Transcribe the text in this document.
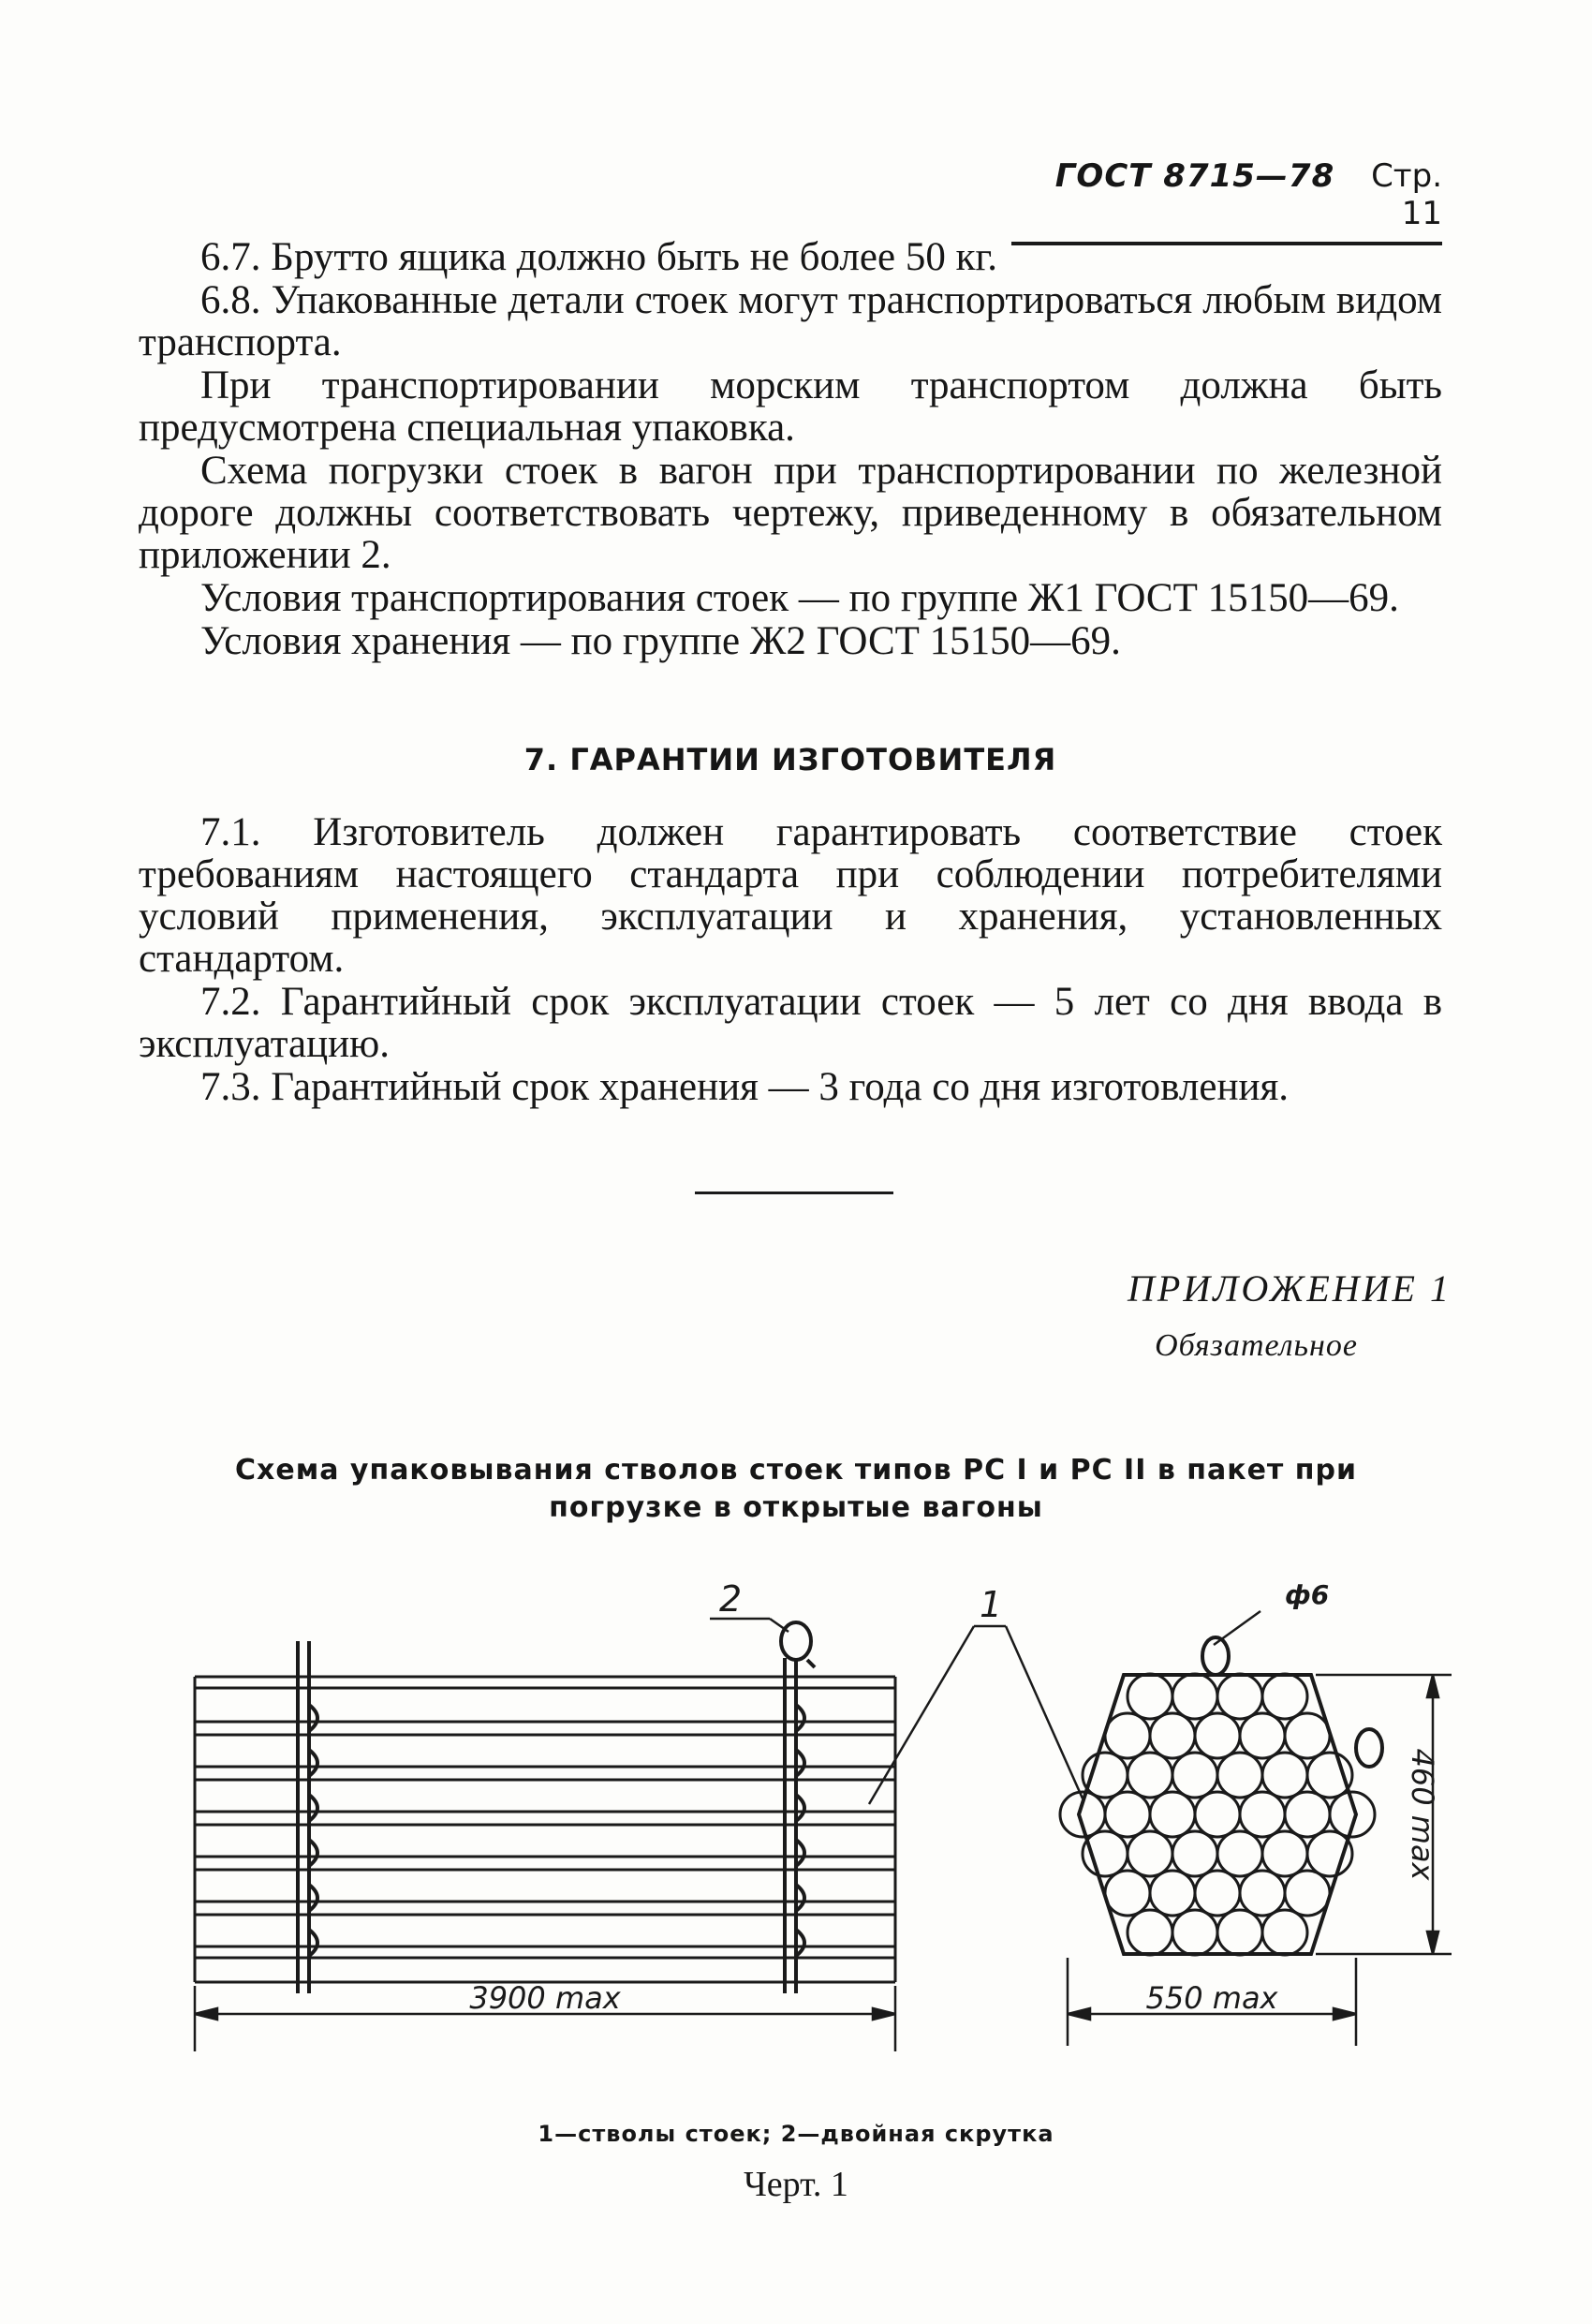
ГОСТ 8715—78 Стр. 11

6.7. Брутто ящика должно быть не более 50 кг.

6.8. Упакованные детали стоек могут транспортироваться любым видом транспорта.

При транспортировании морским транспортом должна быть предусмотрена специальная упаковка.

Схема погрузки стоек в вагон при транспортировании по железной дороге должны соответствовать чертежу, приведенному в обязательном приложении 2.

Условия транспортирования стоек — по группе Ж1 ГОСТ 15150—69.

Условия хранения — по группе Ж2 ГОСТ 15150—69.

7. ГАРАНТИИ ИЗГОТОВИТЕЛЯ

7.1. Изготовитель должен гарантировать соответствие стоек требованиям настоящего стандарта при соблюдении потребителями условий применения, эксплуатации и хранения, установленных стандартом.

7.2. Гарантийный срок эксплуатации стоек — 5 лет со дня ввода в эксплуатацию.

7.3. Гарантийный срок хранения — 3 года со дня изготовления.

ПРИЛОЖЕНИЕ 1
Обязательное
Схема упаковывания стволов стоек типов РС I и РС II в пакет при
погрузке в открытые вагоны
2	1	ф6
3900 max	550 max
460 max
1—стволы стоек; 2—двойная скрутка
Черт. 1
